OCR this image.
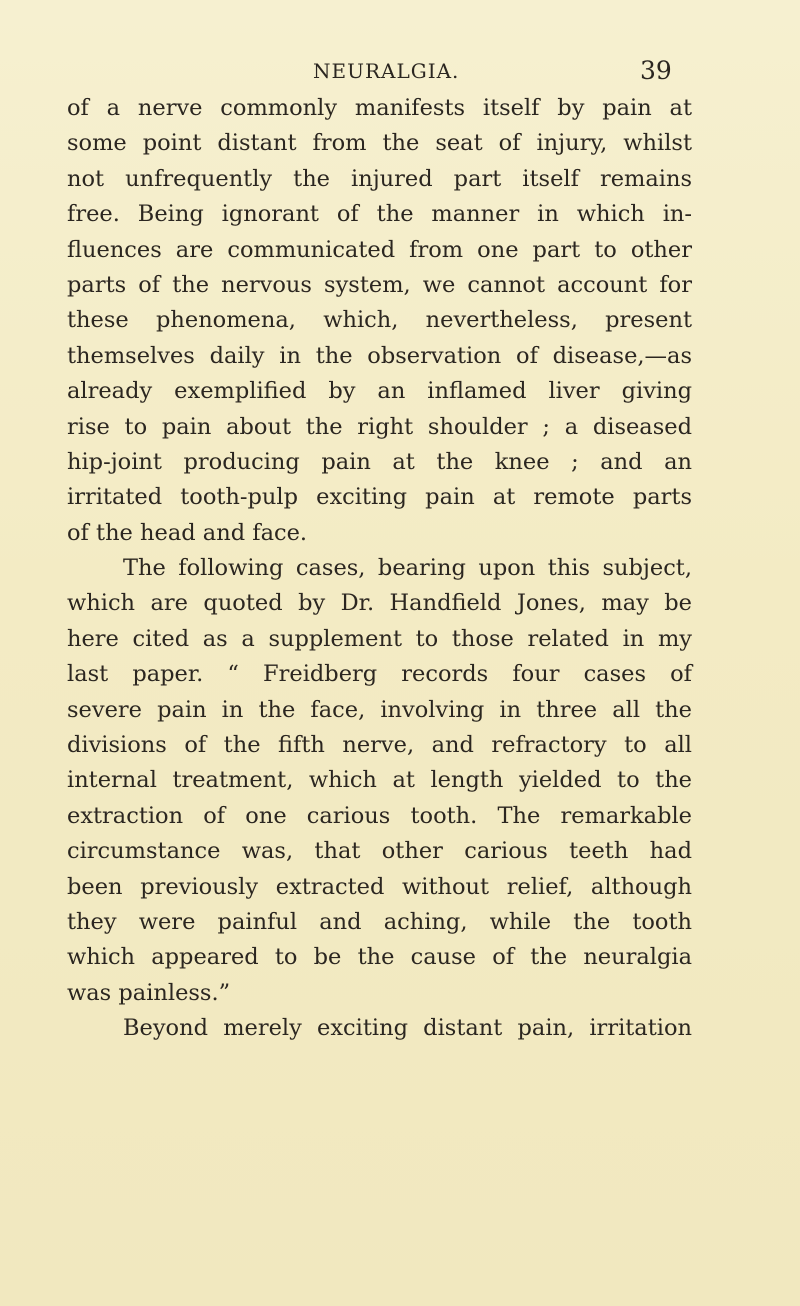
NEURALGIA.	39
of a nerve commonly manifests itself by pain at
some point distant from the seat of injury, whilst
not unfrequently the injured part itself remains
free. Being ignorant of the manner in which in-
fluences are communicated from one part to other
parts of the nervous system, we cannot account for
these phenomena, which, nevertheless, present
themselves daily in the observation of disease,—as
already exemplified by an inflamed liver giving
rise to pain about the right shoulder ; a diseased
hip-joint producing pain at the knee ; and an
irritated tooth-pulp exciting pain at remote parts
of the head and face.
The following cases, bearing upon this subject,
which are quoted by Dr. Handfield Jones, may be
here cited as a supplement to those related in my
last paper. “ Freidberg records four cases of
severe pain in the face, involving in three all the
divisions of the fifth nerve, and refractory to all
internal treatment, which at length yielded to the
extraction of one carious tooth. The remarkable
circumstance was, that other carious teeth had
been previously extracted without relief, although
they were painful and aching, while the tooth
which appeared to be the cause of the neuralgia
was painless.”
Beyond merely exciting distant pain, irritation
